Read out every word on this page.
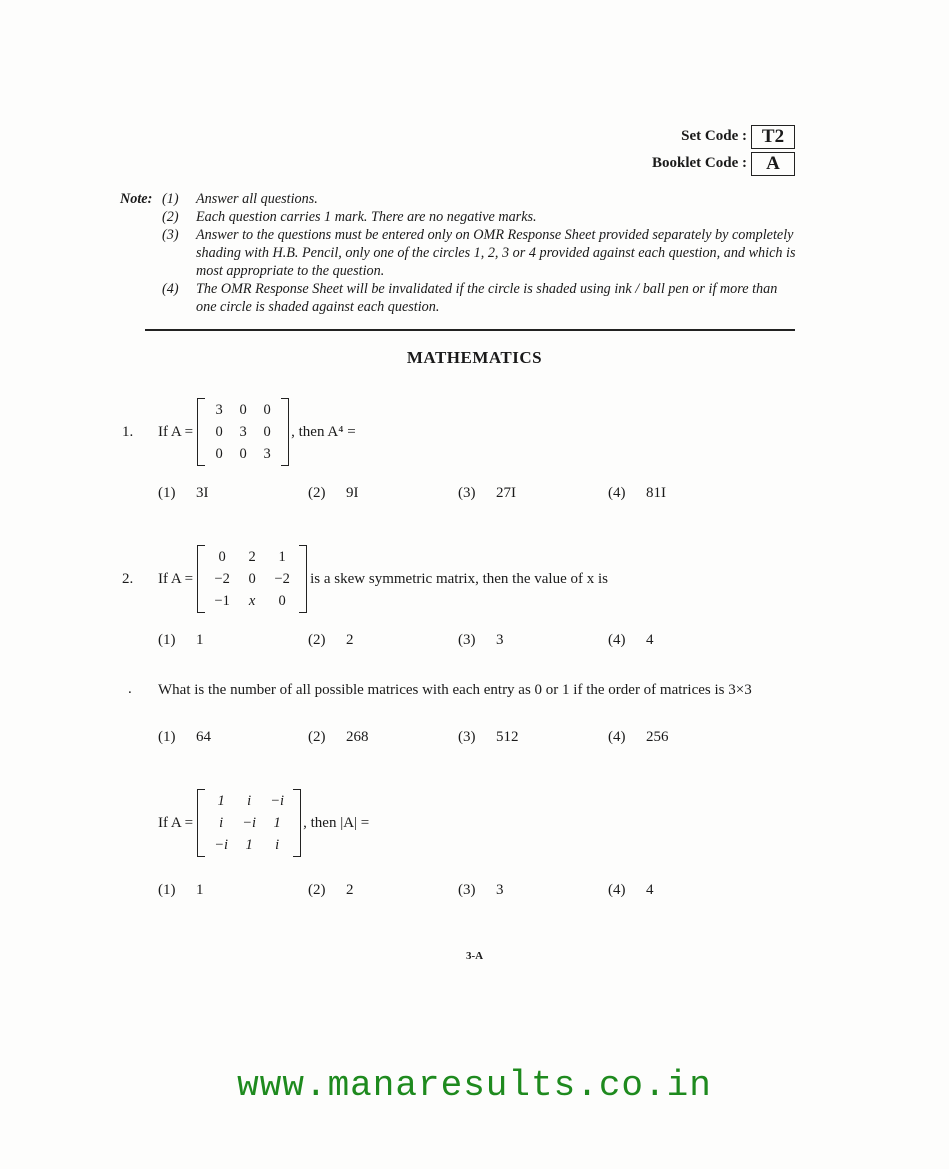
Set Code : T2
Booklet Code :	A
Note: (1) Answer all questions.
(2) Each question carries 1 mark. There are no negative marks.
(3) Answer to the questions must be entered only on OMR Response Sheet provided separately by completely shading with H.B. Pencil, only one of the circles 1, 2, 3 or 4 provided against each question, and which is most appropriate to the question.
(4) The OMR Response Sheet will be invalidated if the circle is shaded using ink / ball pen or if more than one circle is shaded against each question.
MATHEMATICS
1.	If A =
3 0 0
0 3 0
0 0 3
, then A⁴ =
(1) 3I	(2) 9I	(3) 27I	(4) 81I
2.	If A =
0 2 1
−2 0 −2
−1 x 0
is a skew symmetric matrix, then the value of x is
(1) 1	(2) 2	(3) 3	(4) 4
.	What is the number of all possible matrices with each entry as 0 or 1 if the order of matrices is 3×3
(1) 64	(2) 268	(3) 512	(4) 256
If A =
1 i −i
i −i 1
−i 1 i
, then |A| =
(1) 1	(2) 2	(3) 3	(4) 4
3-A
www.manaresults.co.in
